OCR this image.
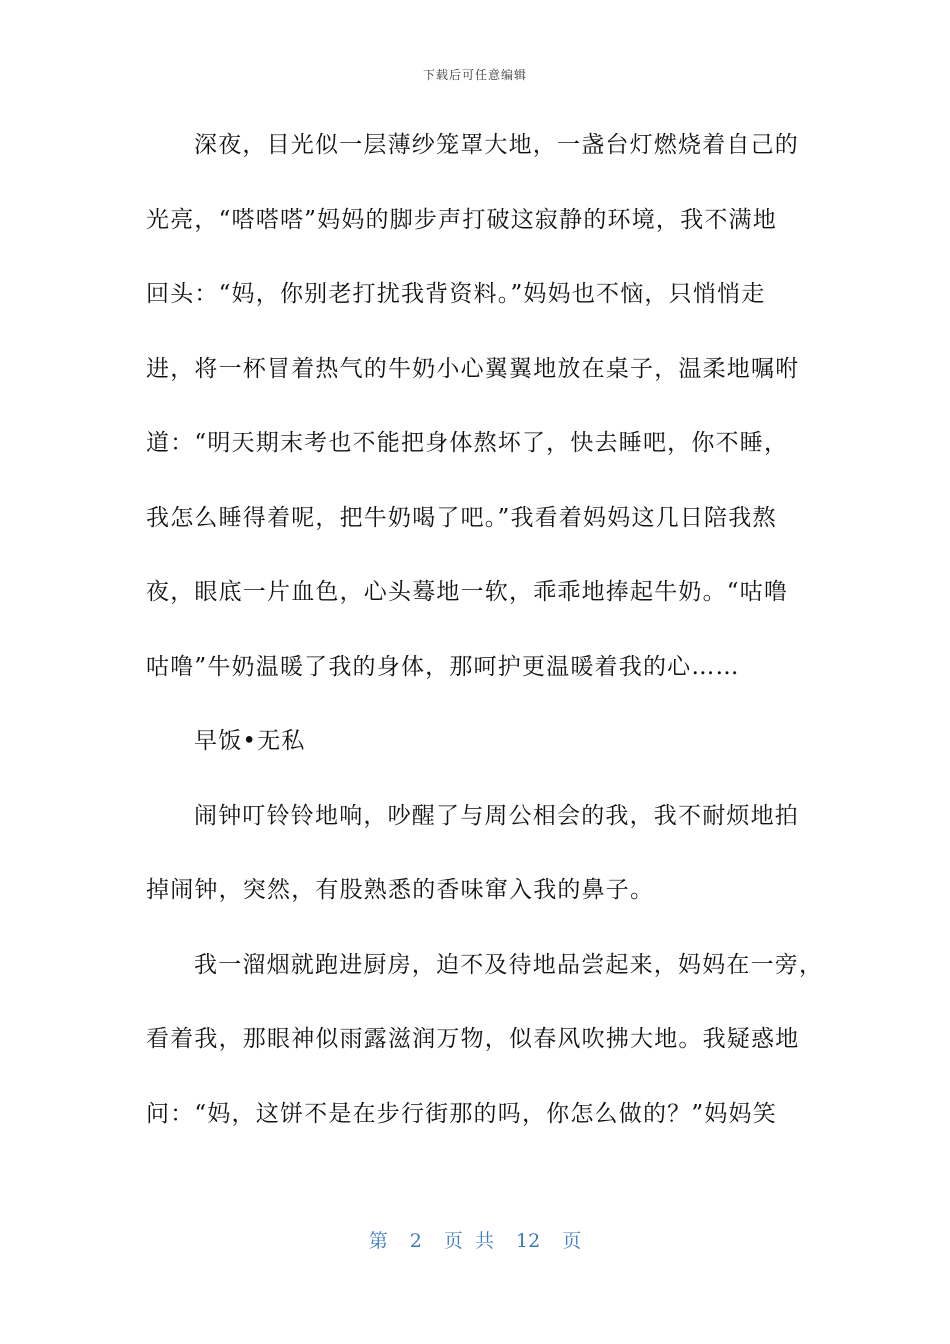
下载后可任意编辑
深夜，目光似一层薄纱笼罩大地，一盏台灯燃烧着自己的
光亮，“嗒嗒嗒”妈妈的脚步声打破这寂静的环境，我不满地
回头：“妈，你别老打扰我背资料。”妈妈也不恼，只悄悄走
进，将一杯冒着热气的牛奶小心翼翼地放在桌子，温柔地嘱咐
道：“明天期末考也不能把身体熬坏了，快去睡吧，你不睡，
我怎么睡得着呢，把牛奶喝了吧。”我看着妈妈这几日陪我熬
夜，眼底一片血色，心头蓦地一软，乖乖地捧起牛奶。“咕噜
咕噜”牛奶温暖了我的身体，那呵护更温暖着我的心……
早饭•无私
闹钟叮铃铃地响，吵醒了与周公相会的我，我不耐烦地拍
掉闹钟，突然，有股熟悉的香味窜入我的鼻子。
我一溜烟就跑进厨房，迫不及待地品尝起来，妈妈在一旁，
看着我，那眼神似雨露滋润万物，似春风吹拂大地。我疑惑地
问：“妈，这饼不是在步行街那的吗，你怎么做的？”妈妈笑
第 2 页 共 12 页
